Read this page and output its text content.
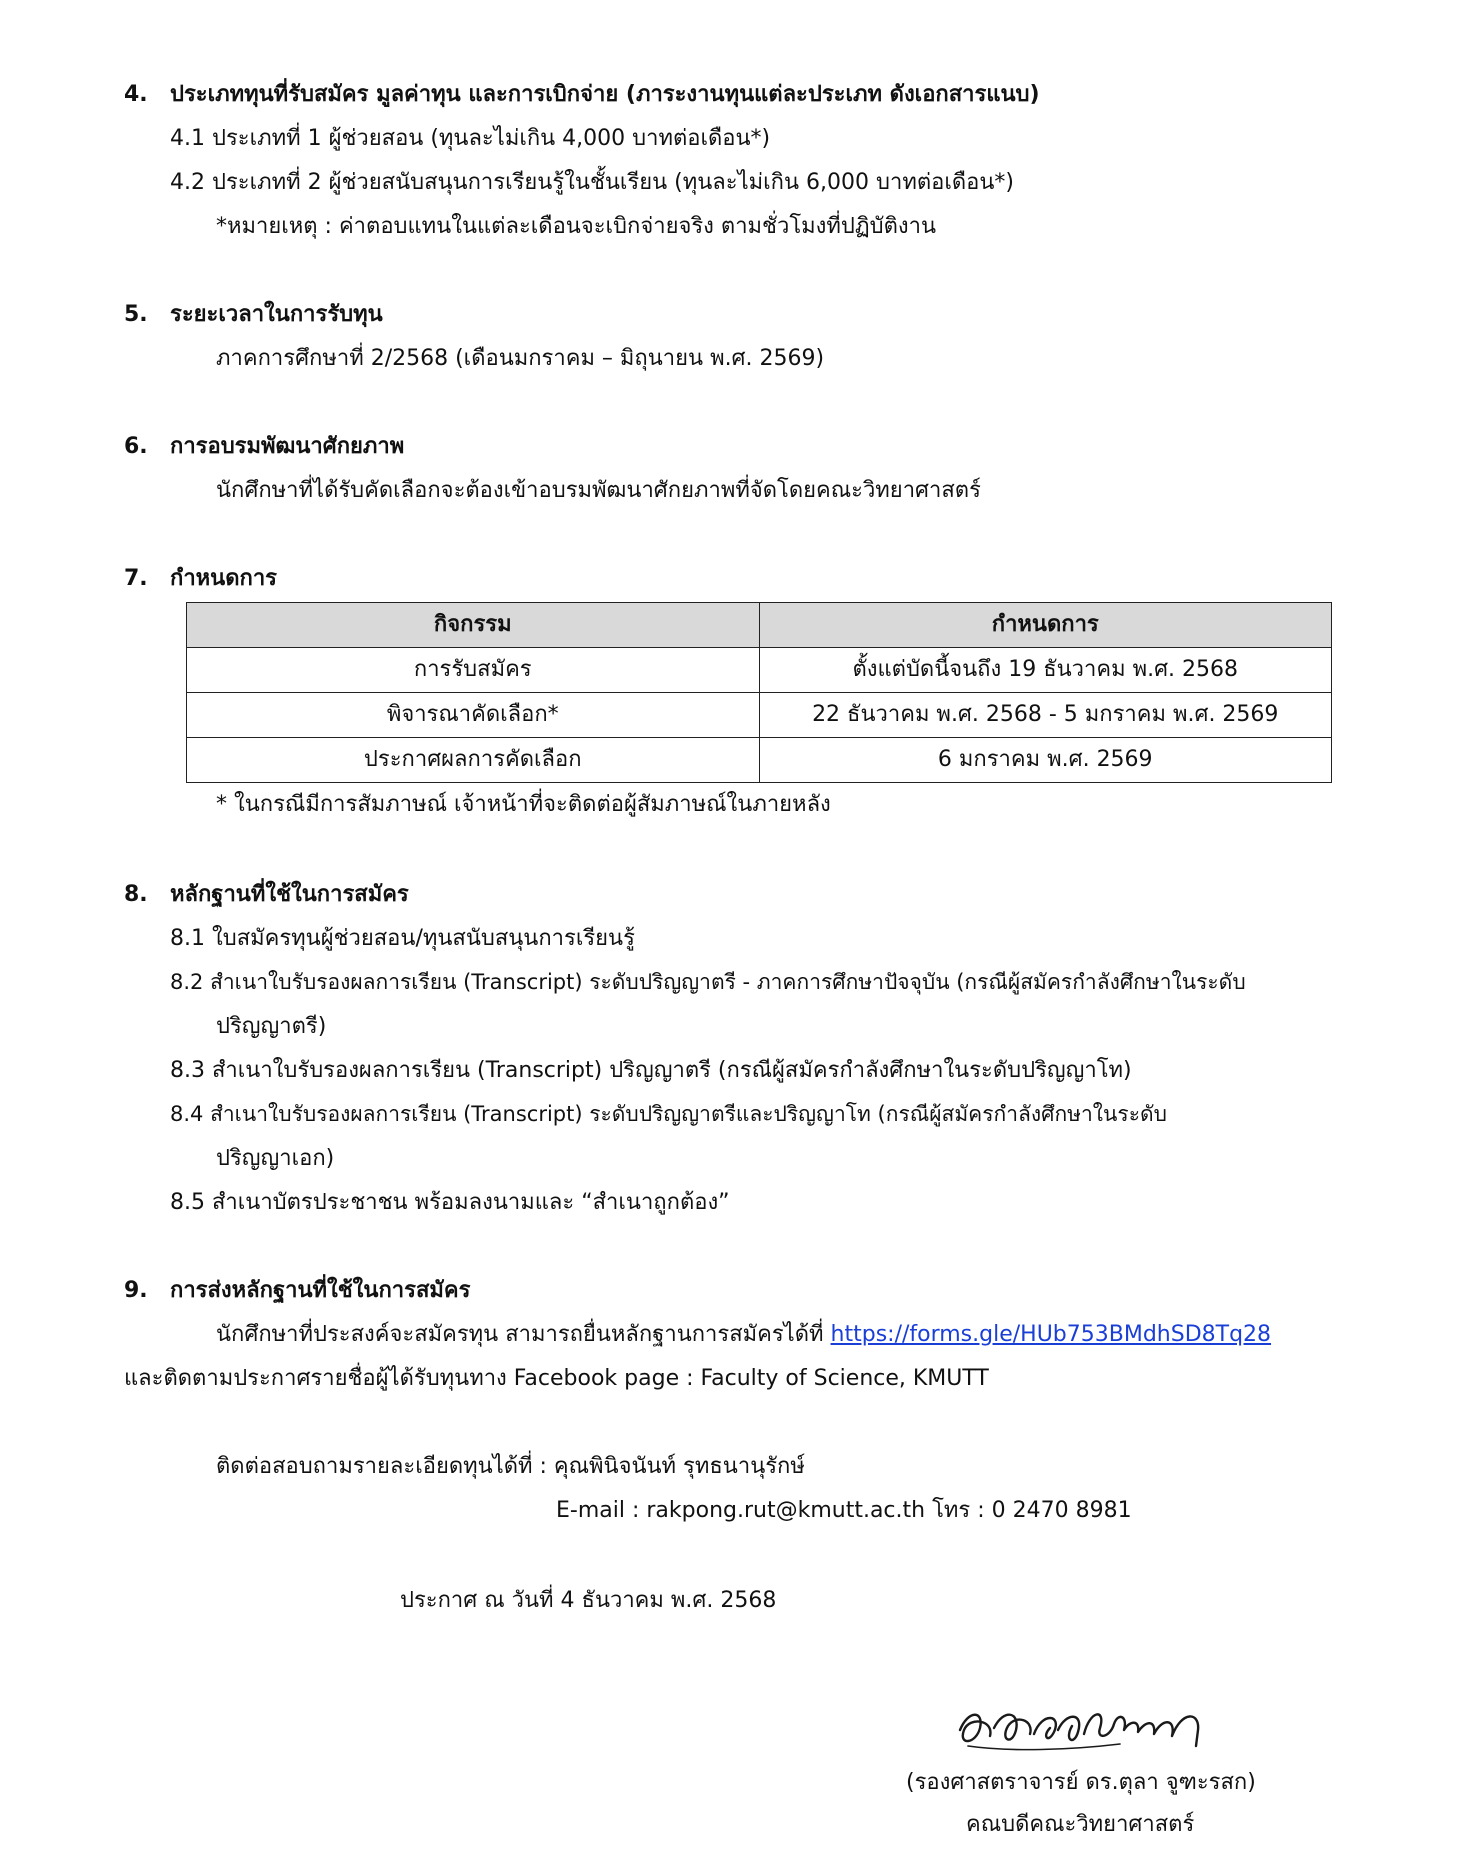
4. ประเภททุนที่รับสมัคร มูลค่าทุน และการเบิกจ่าย (ภาระงานทุนแต่ละประเภท ดังเอกสารแนบ)
4.1 ประเภทที่ 1 ผู้ช่วยสอน (ทุนละไม่เกิน 4,000 บาทต่อเดือน*)
4.2 ประเภทที่ 2 ผู้ช่วยสนับสนุนการเรียนรู้ในชั้นเรียน (ทุนละไม่เกิน 6,000 บาทต่อเดือน*)
*หมายเหตุ : ค่าตอบแทนในแต่ละเดือนจะเบิกจ่ายจริง ตามชั่วโมงที่ปฏิบัติงาน
5. ระยะเวลาในการรับทุน
ภาคการศึกษาที่ 2/2568 (เดือนมกราคม – มิถุนายน พ.ศ. 2569)
6. การอบรมพัฒนาศักยภาพ
นักศึกษาที่ได้รับคัดเลือกจะต้องเข้าอบรมพัฒนาศักยภาพที่จัดโดยคณะวิทยาศาสตร์
7. กำหนดการ
กิจกรรม	กำหนดการ
การรับสมัคร	ตั้งแต่บัดนี้จนถึง 19 ธันวาคม พ.ศ. 2568
พิจารณาคัดเลือก*	22 ธันวาคม พ.ศ. 2568 - 5 มกราคม พ.ศ. 2569
ประกาศผลการคัดเลือก	6 มกราคม พ.ศ. 2569
* ในกรณีมีการสัมภาษณ์ เจ้าหน้าที่จะติดต่อผู้สัมภาษณ์ในภายหลัง
8. หลักฐานที่ใช้ในการสมัคร
8.1 ใบสมัครทุนผู้ช่วยสอน/ทุนสนับสนุนการเรียนรู้
8.2 สำเนาใบรับรองผลการเรียน (Transcript) ระดับปริญญาตรี - ภาคการศึกษาปัจจุบัน (กรณีผู้สมัครกำลังศึกษาในระดับ
ปริญญาตรี)
8.3 สำเนาใบรับรองผลการเรียน (Transcript) ปริญญาตรี (กรณีผู้สมัครกำลังศึกษาในระดับปริญญาโท)
8.4 สำเนาใบรับรองผลการเรียน (Transcript) ระดับปริญญาตรีและปริญญาโท (กรณีผู้สมัครกำลังศึกษาในระดับ
ปริญญาเอก)
8.5 สำเนาบัตรประชาชน พร้อมลงนามและ “สำเนาถูกต้อง”
9. การส่งหลักฐานที่ใช้ในการสมัคร
นักศึกษาที่ประสงค์จะสมัครทุน สามารถยื่นหลักฐานการสมัครได้ที่ https://forms.gle/HUb753BMdhSD8Tq28
และติดตามประกาศรายชื่อผู้ได้รับทุนทาง Facebook page : Faculty of Science, KMUTT
ติดต่อสอบถามรายละเอียดทุนได้ที่ : คุณพินิจนันท์ รุทธนานุรักษ์
E-mail : rakpong.rut@kmutt.ac.th โทร : 0 2470 8981
ประกาศ ณ วันที่ 4 ธันวาคม พ.ศ. 2568
(รองศาสตราจารย์ ดร.ตุลา จูฑะรสก)
คณบดีคณะวิทยาศาสตร์
